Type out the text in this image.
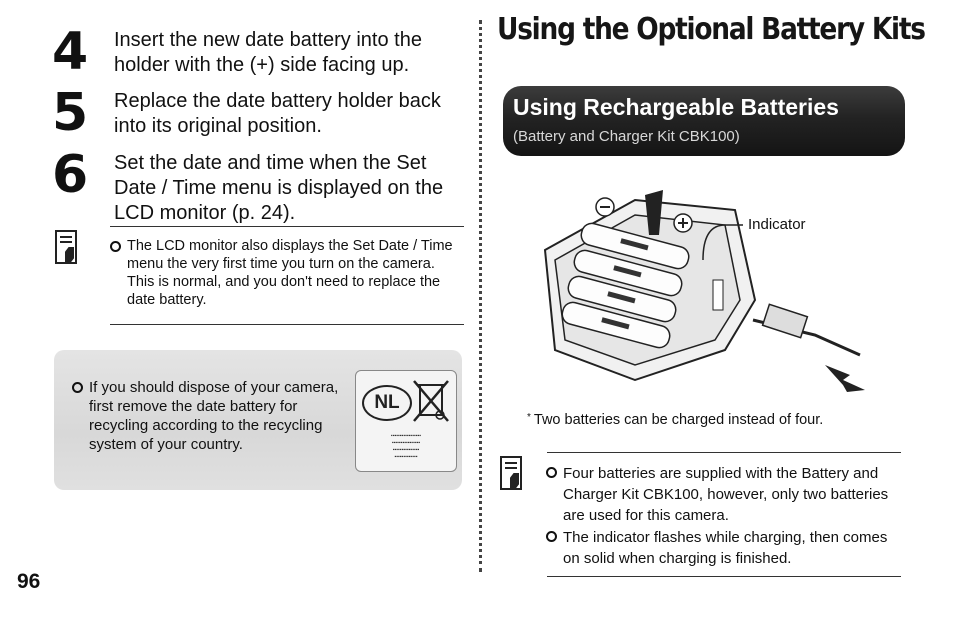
4 Insert the new date battery into the holder with the (+) side facing up.
5 Replace the date battery holder back into its original position.
6 Set the date and time when the Set Date / Time menu is displayed on the LCD monitor (p. 24).
The LCD monitor also displays the Set Date / Time menu the very first time you turn on the camera. This is normal, and you don't need to replace the date battery.
If you should dispose of your camera, first remove the date battery for recycling according to the recycling system of your country.
NL
▪▪▪▪▪▪▪▪▪▪▪▪▪▪▪▪▪
▪▪▪▪▪▪▪▪▪▪▪▪▪▪▪▪
▪▪▪▪▪▪▪▪▪▪▪▪▪▪▪
▪▪▪▪▪▪▪▪▪▪▪▪▪
96
Using the Optional Battery Kits
Using Rechargeable Batteries
(Battery and Charger Kit CBK100)
Indicator
* Two batteries can be charged instead of four.
Four batteries are supplied with the Battery and Charger Kit CBK100, however, only two batteries are used for this camera.
The indicator flashes while charging, then comes on solid when charging is finished.
